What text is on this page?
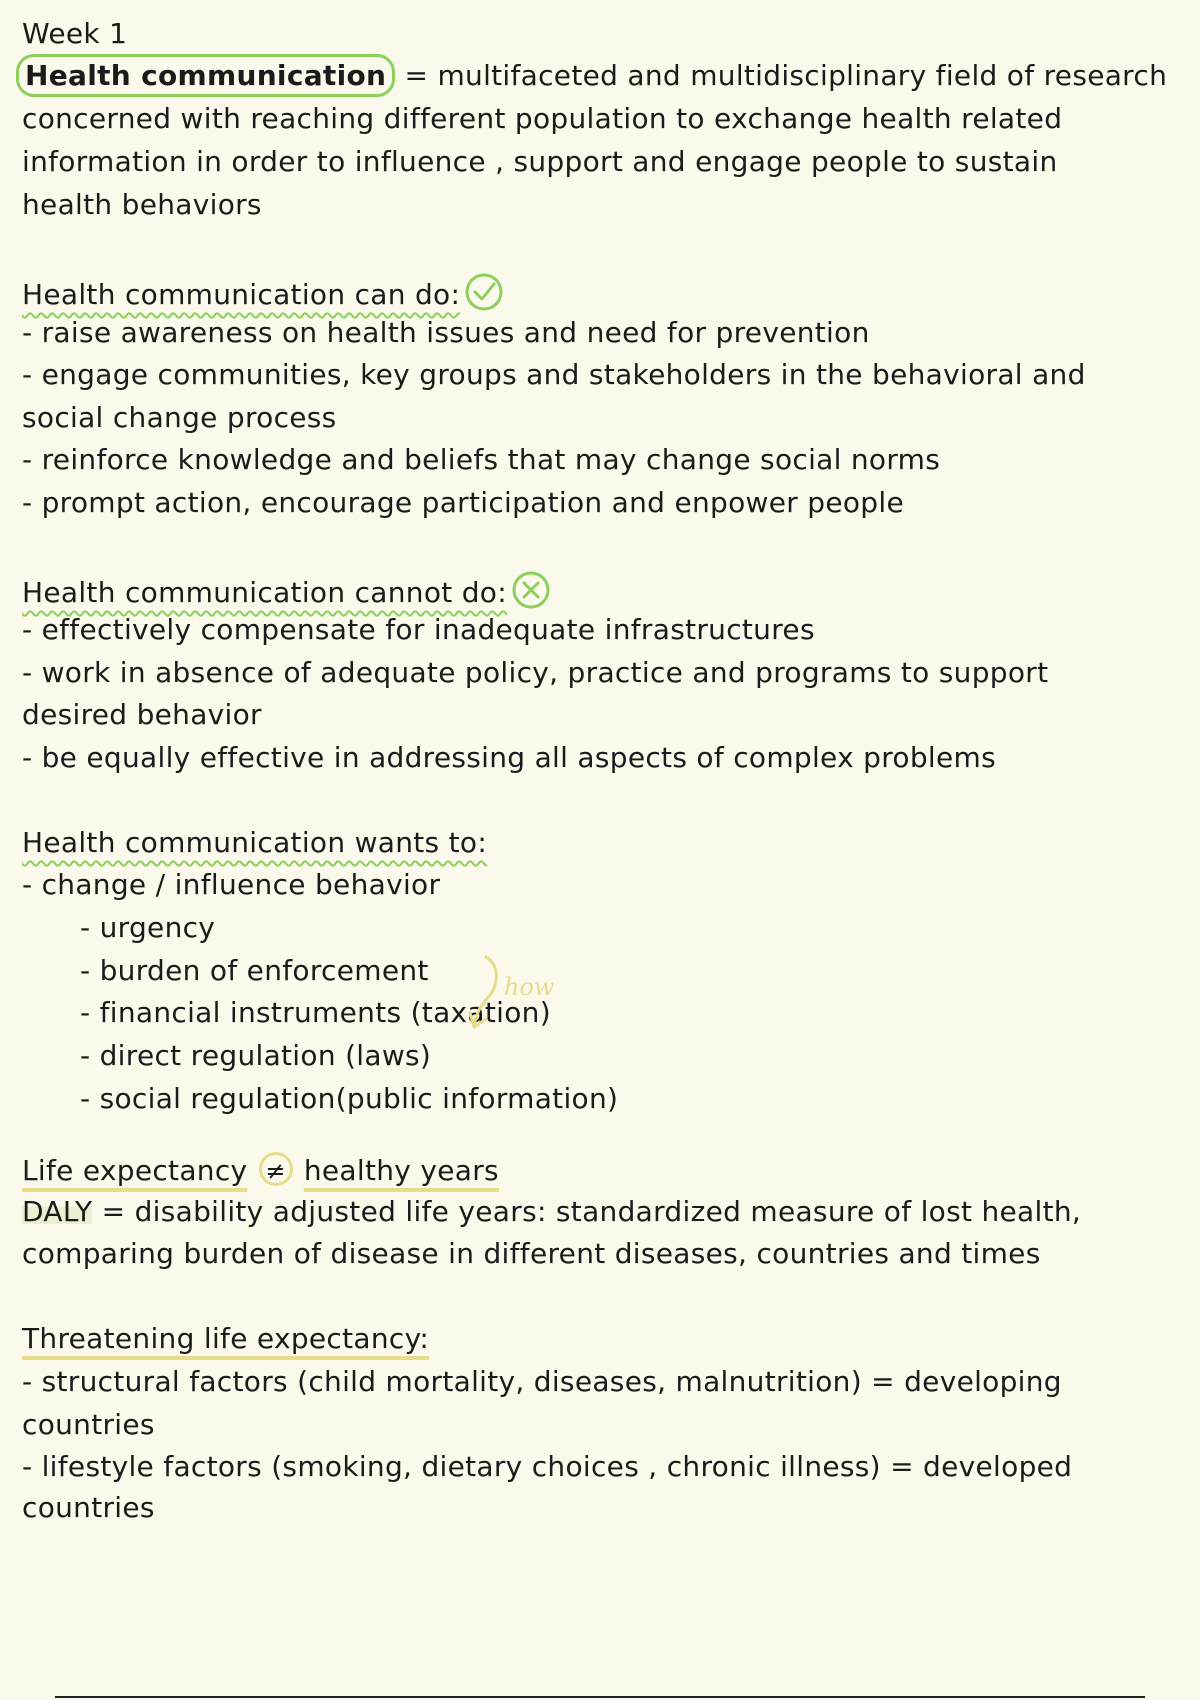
Week 1
Health communication = multifaceted and multidisciplinary field of research
concerned with reaching different population to exchange health related
information in order to influence , support and engage people to sustain
health behaviors
Health communication can do:
- raise awareness on health issues and need for prevention
- engage communities, key groups and stakeholders in the behavioral and
social change process
- reinforce knowledge and beliefs that may change social norms
- prompt action, encourage participation and enpower people
Health communication cannot do:
- effectively compensate for inadequate infrastructures
- work in absence of adequate policy, practice and programs to support
desired behavior
- be equally effective in addressing all aspects of complex problems
Health communication wants to:
- change / influence behavior
- urgency
- burden of enforcement
- financial instruments (taxation)
- direct regulation (laws)
- social regulation(public information)
how
Life expectancy ≠ healthy years
DALY = disability adjusted life years: standardized measure of lost health,
comparing burden of disease in different diseases, countries and times
Threatening life expectancy:
- structural factors (child mortality, diseases, malnutrition) = developing
countries
- lifestyle factors (smoking, dietary choices , chronic illness) = developed
countries
